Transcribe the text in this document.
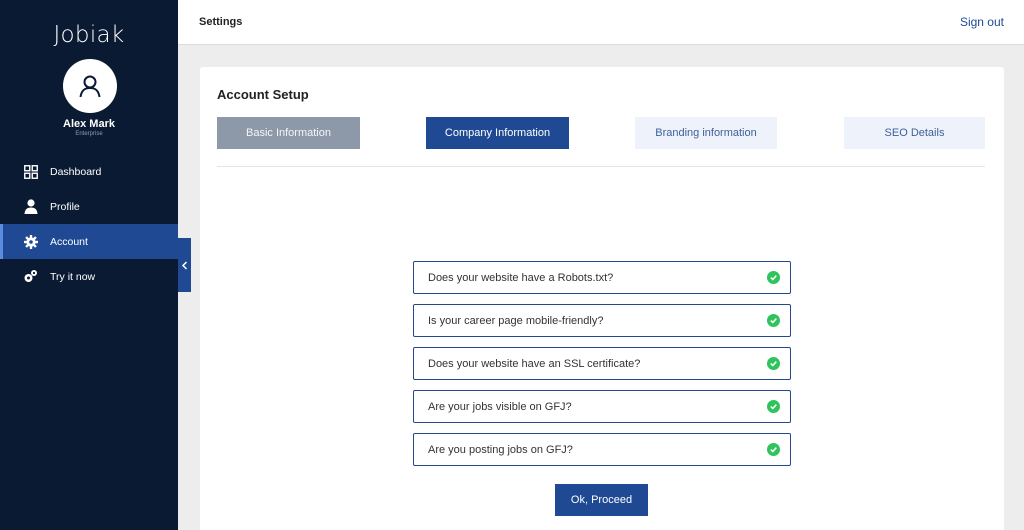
Jobiak
Alex Mark
Enterprise
Dashboard
Profile
Account
Try it now
Settings	Sign out
Account Setup
Basic Information	Company Information	Branding information	SEO Details
Does your website have a Robots.txt?
Is your career page mobile-friendly?
Does your website have an SSL certificate?
Are your jobs visible on GFJ?
Are you posting jobs on GFJ?
Ok, Proceed
